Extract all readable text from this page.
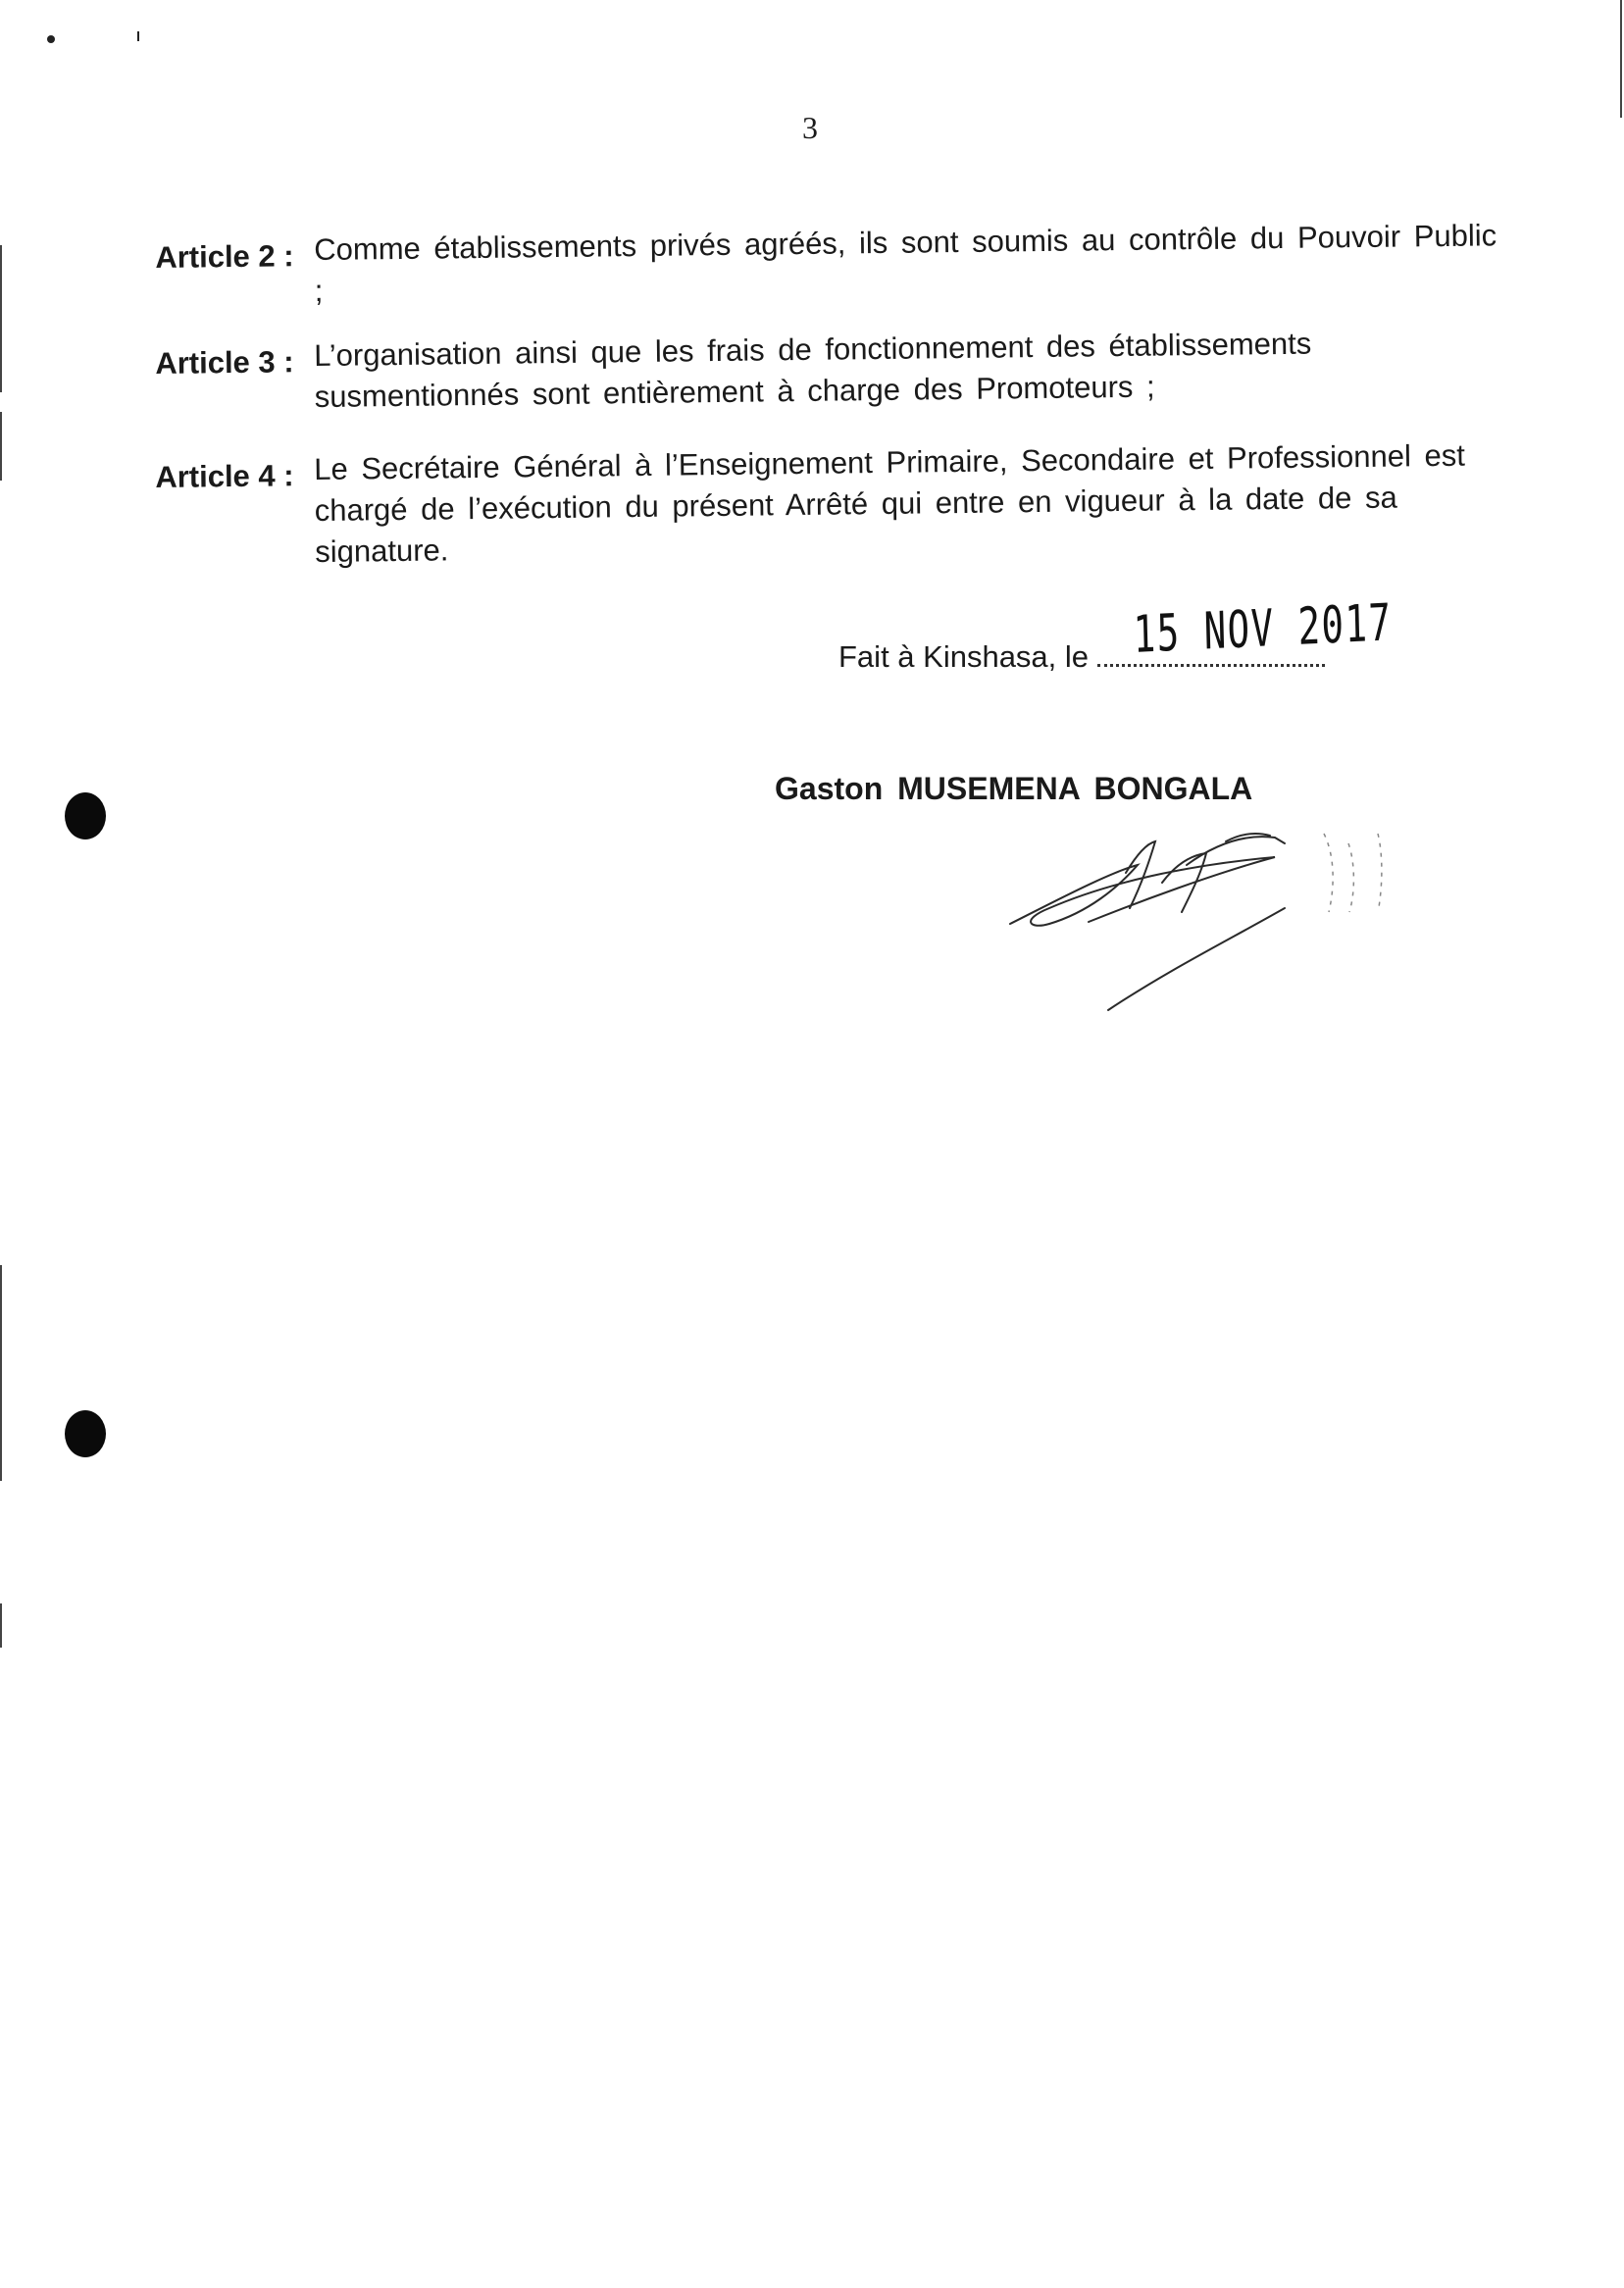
3
Article 2 : Comme établissements privés agréés, ils sont soumis au contrôle du Pouvoir Public ;
Article 3 : L’organisation ainsi que les frais de fonctionnement des établissements susmentionnés sont entièrement à charge des Promoteurs ;
Article 4 : Le Secrétaire Général à l’Enseignement Primaire, Secondaire et Professionnel est chargé de l’exécution du présent Arrêté qui entre en vigueur à la date de sa signature.
Fait à Kinshasa, le 15 NOV 2017
Gaston MUSEMENA BONGALA
